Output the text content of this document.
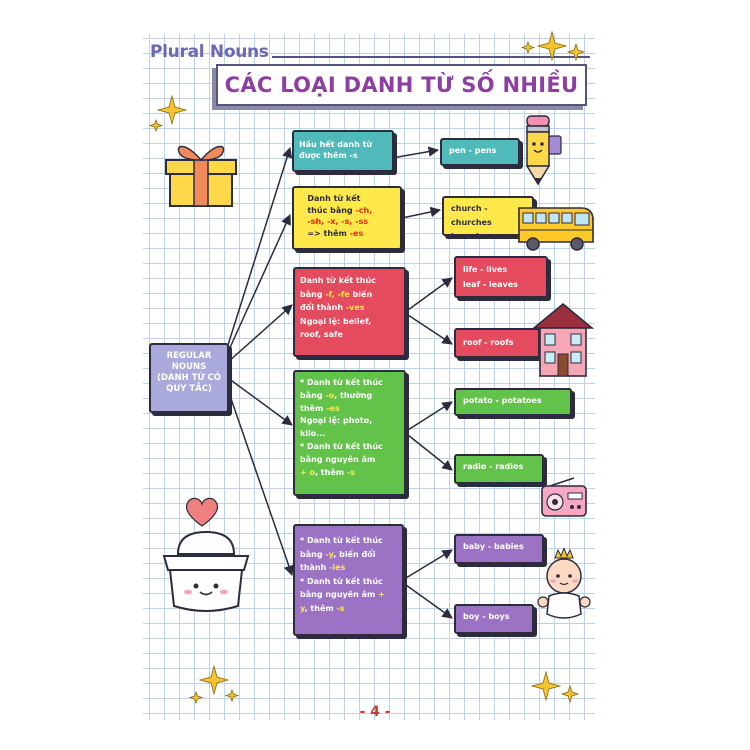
Plural Nouns
CÁC LOẠI DANH TỪ SỐ NHIỀU
REGULAR
NOUNS
(DANH TỪ CÓ
QUY TẮC)
Hầu hết danh từ
được thêm -s
Danh từ kết
thúc bằng -ch,
-sh, -x, -s, -ss
=> thêm -es
Danh từ kết thúc
bằng -f, -fe biến
đổi thành -ves
Ngoại lệ: belief,
roof, safe
* Danh từ kết thúc
bằng -o, thường
thêm -es
Ngoại lệ: photo,
kilo...
* Danh từ kết thúc
bằng nguyên âm
+ o, thêm -s
* Danh từ kết thúc
bằng -y, biến đổi
thành -ies
* Danh từ kết thúc
bằng nguyên âm +
y, thêm -s
pen - pens
church - churches
bus - buses
life - lives
leaf - leaves
roof - roofs
potato - potatoes
radio - radios
baby - babies
boy - boys
- 4 -
